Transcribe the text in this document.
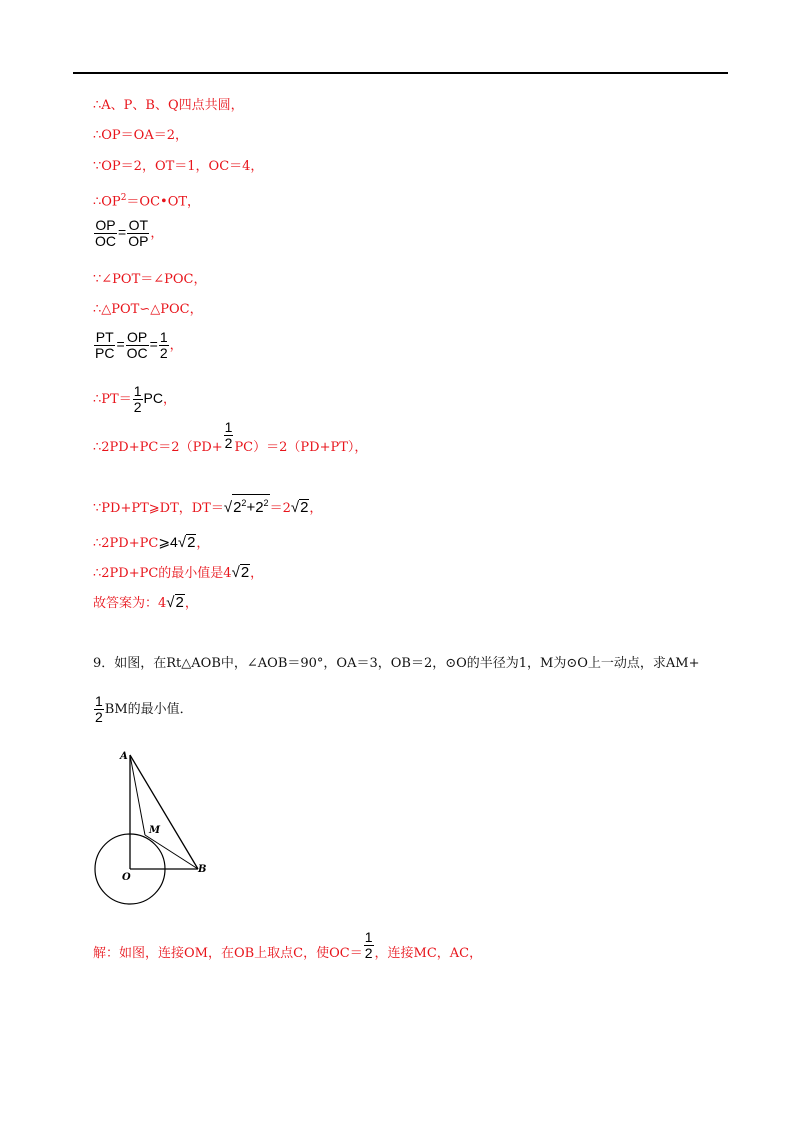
∴A、P、B、Q四点共圆，
∴OP＝OA＝2，
∵OP＝2，OT＝1，OC＝4，
$\therefore OP^2=OC•OT$，
$\frac{OP}{OC} = \frac{OT}{OP}$ ，
∵∠POT＝∠POC，
∴△POT∽△POC，
$\frac{PT}{PC} = \frac{OP}{OC} = \frac{1}{2}$ ，
∴PT＝ $\frac{1}{2}$ PC，
∴2PD+PC＝2（PD+ $\frac{1}{2} PC)=2(PD+PT)$，
∵PD+PT⩾DT，$DT=√2^2+2^2=2√2$，
∴2PD+PC⩾4√2，
∴2PD+PC的最小值是4√2，
故答案为：4√2，
9．如图，在Rt△AOB中，∠AOB＝90°，OA＝3，OB＝2，⊙O的半径为1，M为⊙O上一动点，求AM+
$\frac{1}{2}$ BM的最小值．
A
M
O
B
解：如图，连接OM，在OB上取点C，使$OC= \frac{1}{2}$ ，连接MC，AC，
